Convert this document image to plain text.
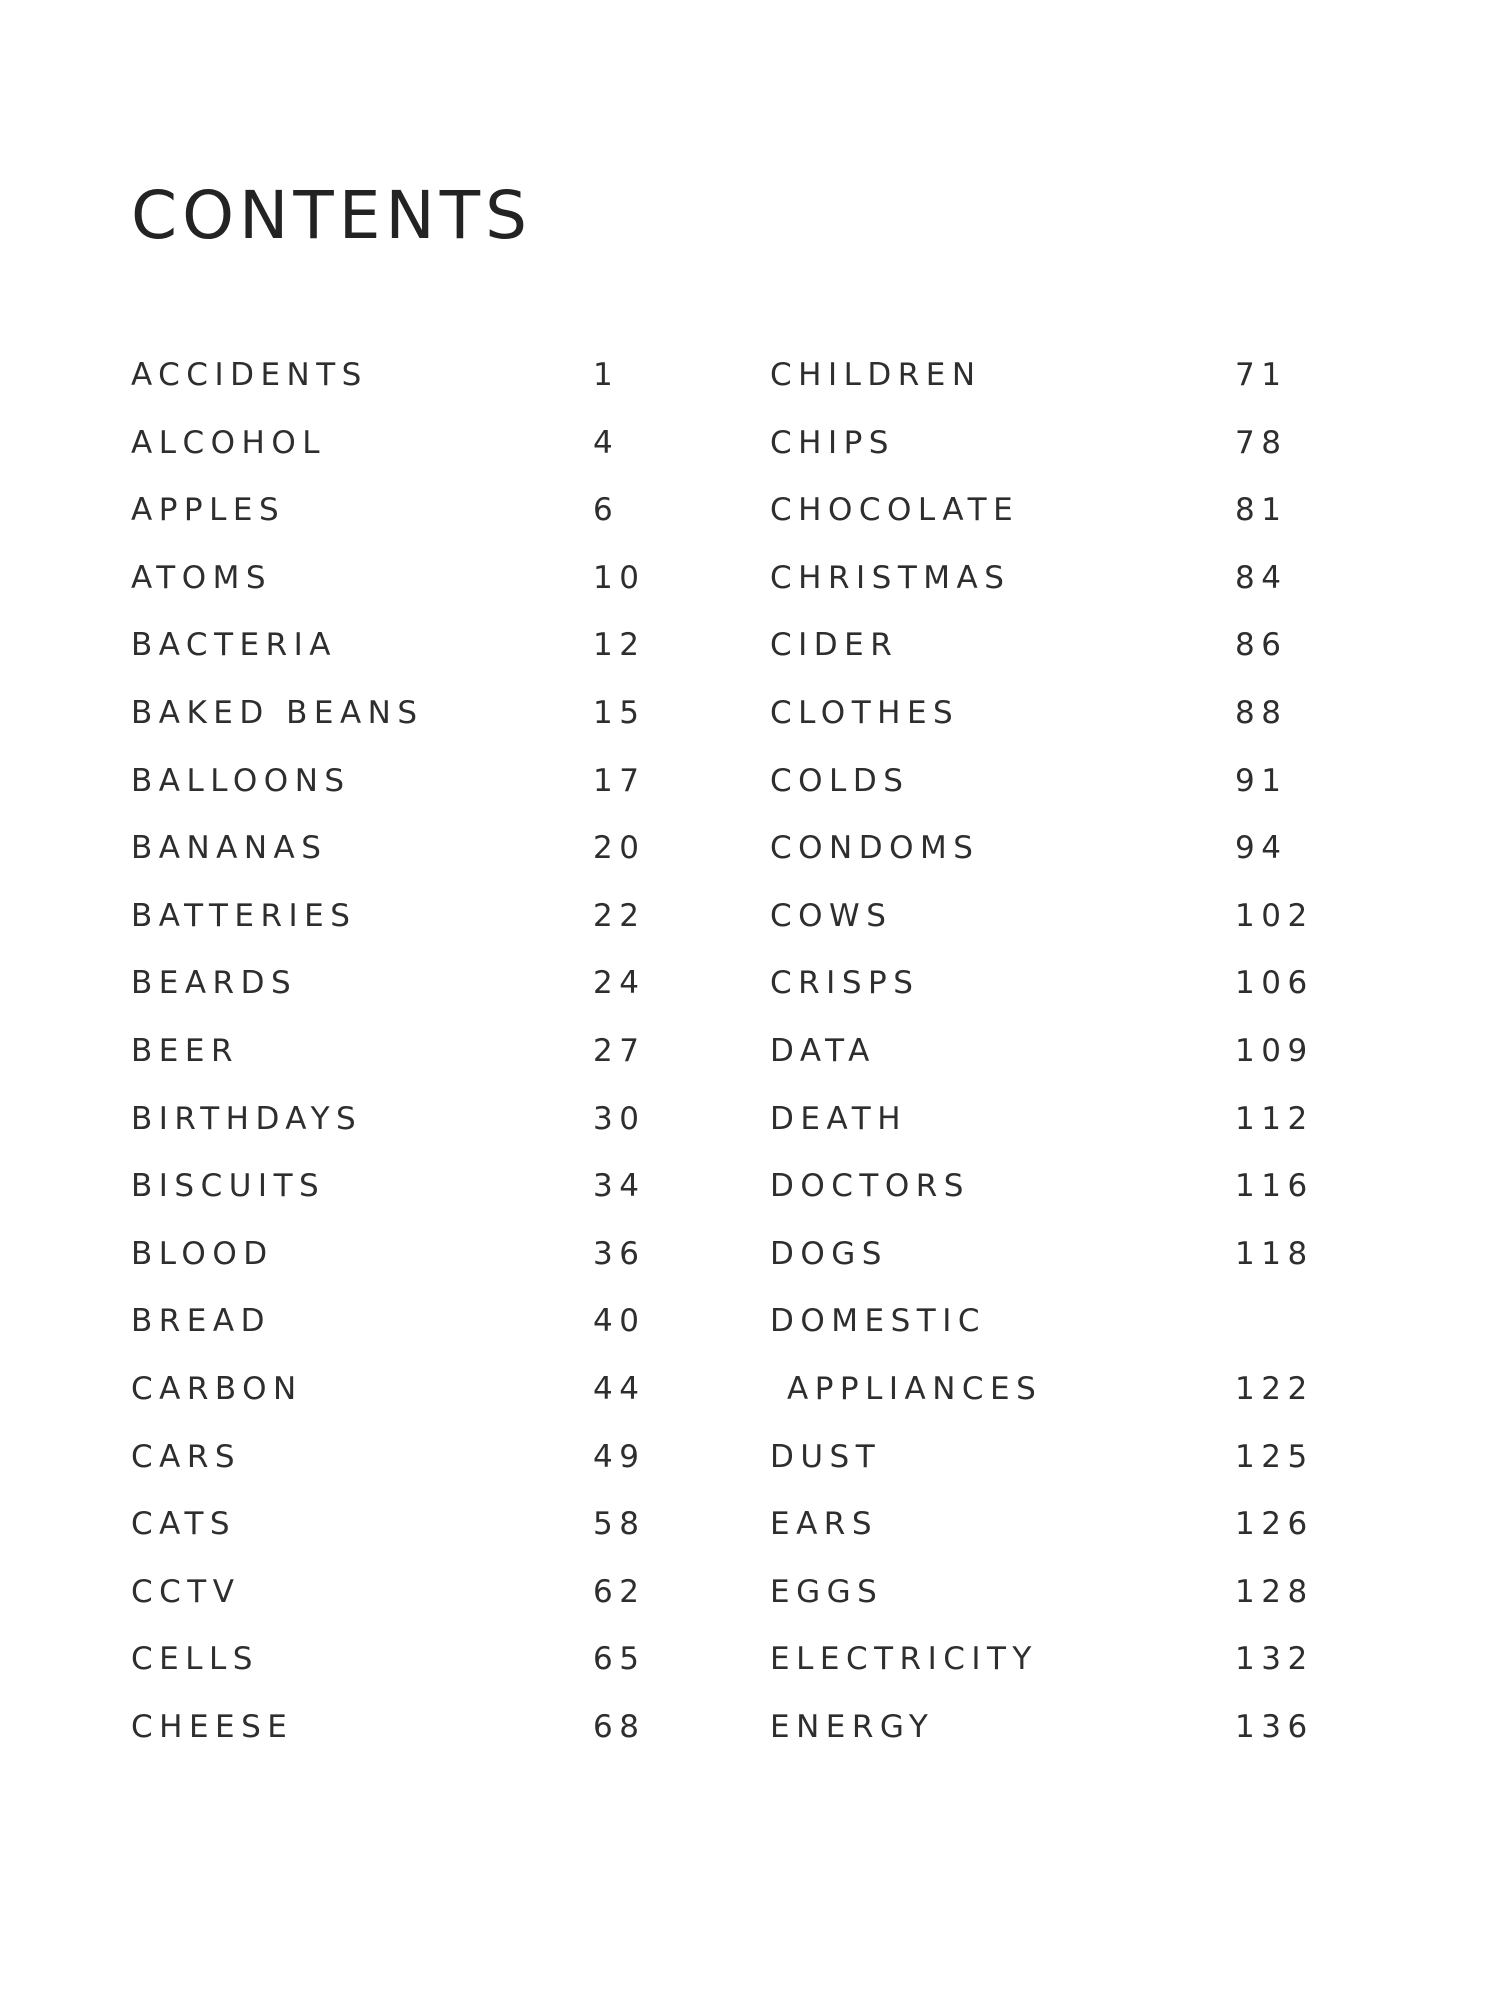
CONTENTS
ACCIDENTS	1
ALCOHOL	4
APPLES	6
ATOMS	10
BACTERIA	12
BAKED BEANS	15
BALLOONS	17
BANANAS	20
BATTERIES	22
BEARDS	24
BEER	27
BIRTHDAYS	30
BISCUITS	34
BLOOD	36
BREAD	40
CARBON	44
CARS	49
CATS	58
CCTV	62
CELLS	65
CHEESE	68
CHILDREN	71
CHIPS	78
CHOCOLATE	81
CHRISTMAS	84
CIDER	86
CLOTHES	88
COLDS	91
CONDOMS	94
COWS	102
CRISPS	106
DATA	109
DEATH	112
DOCTORS	116
DOGS	118
DOMESTIC
APPLIANCES	122
DUST	125
EARS	126
EGGS	128
ELECTRICITY	132
ENERGY	136
